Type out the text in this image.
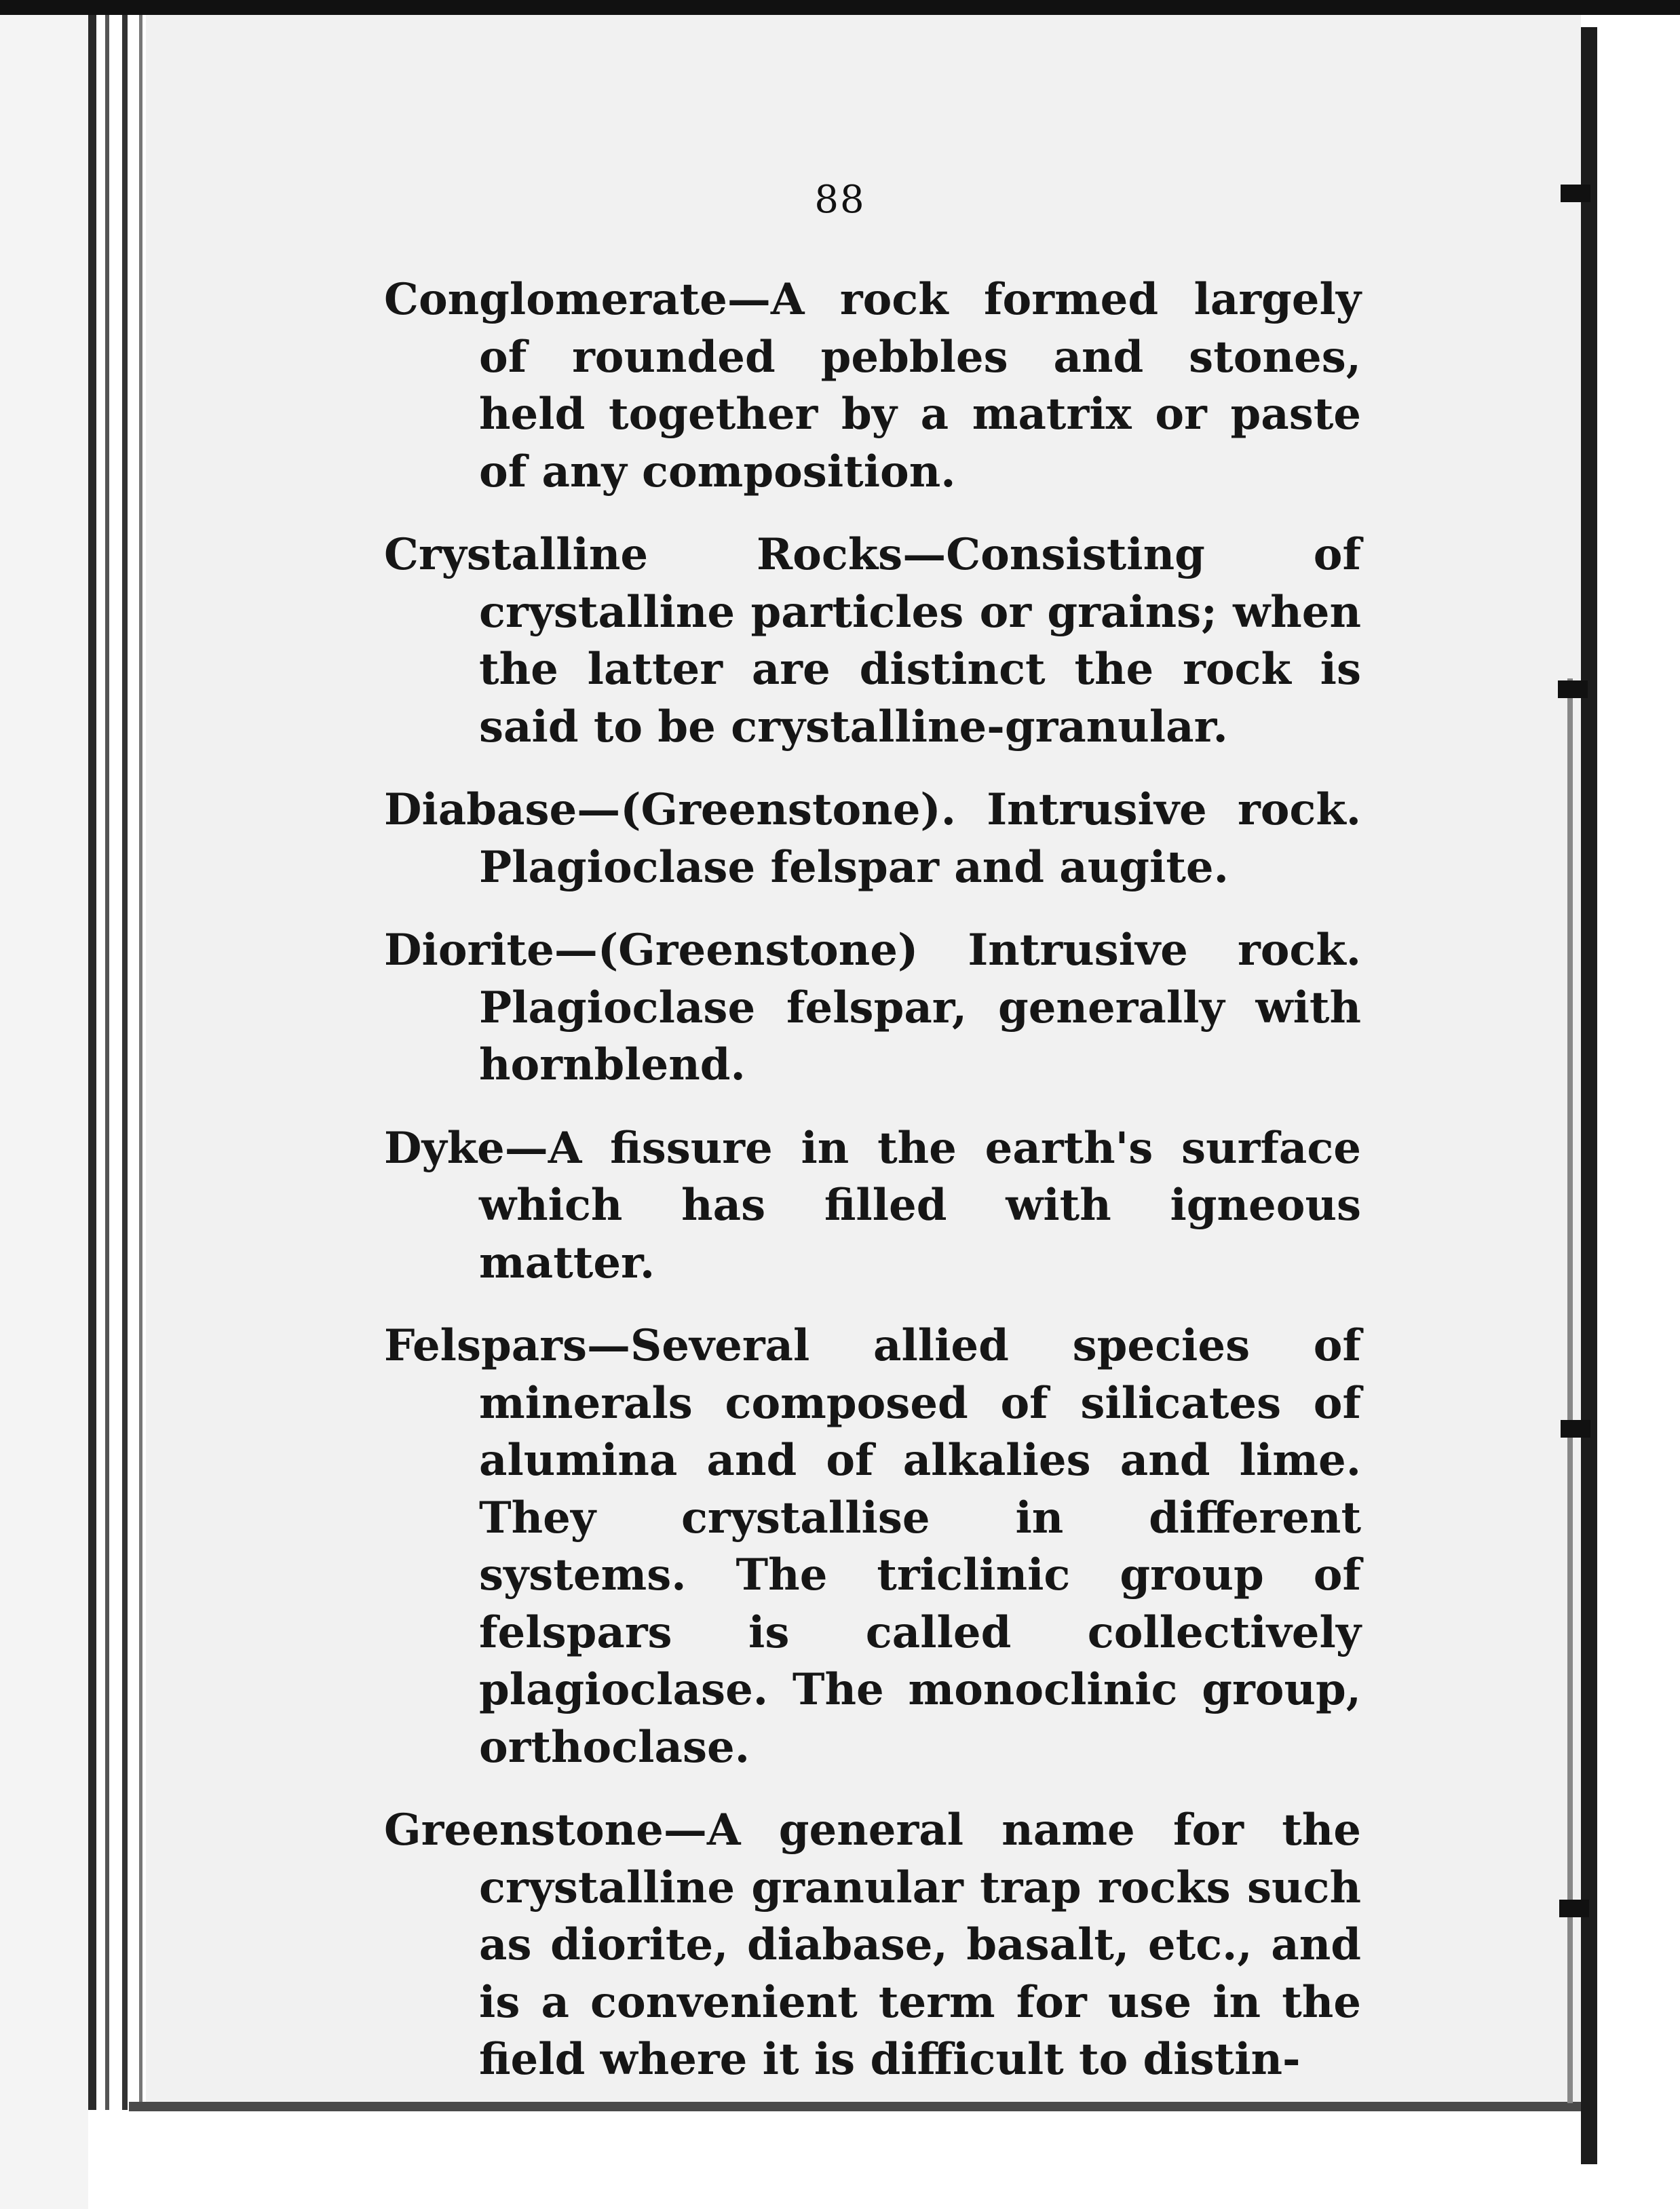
88

Conglomerate—A rock formed largely of rounded pebbles and stones, held together by a matrix or paste of any composition.

Crystalline Rocks—Consisting of crystalline particles or grains; when the latter are distinct the rock is said to be crystalline-granular.

Diabase—(Greenstone). Intrusive rock. Plagioclase felspar and augite.

Diorite—(Greenstone) Intrusive rock. Plagioclase felspar, generally with hornblend.

Dyke—A fissure in the earth's surface which has filled with igneous matter.

Felspars—Several allied species of minerals composed of silicates of alumina and of alkalies and lime. They crystallise in different systems. The triclinic group of felspars is called collectively plagioclase. The monoclinic group, orthoclase.

Greenstone—A general name for the crystalline granular trap rocks such as diorite, diabase, basalt, etc., and is a convenient term for use in the field where it is difficult to distin-
